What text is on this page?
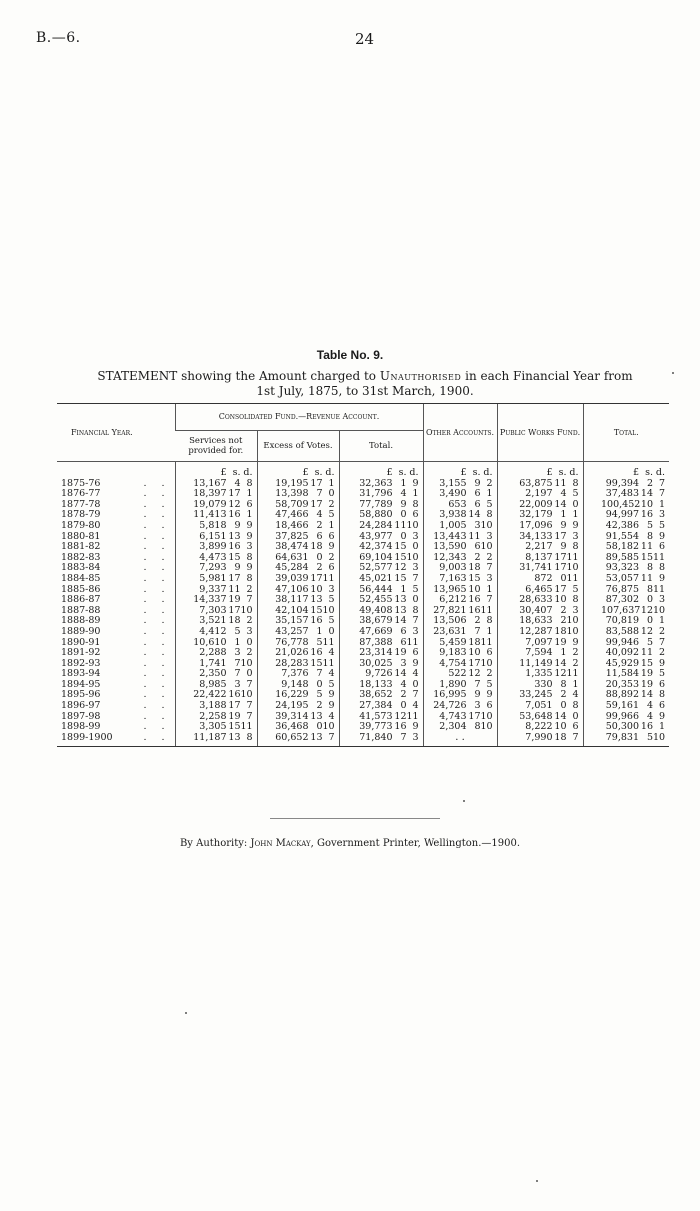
B.—6.	24
Table No. 9.
STATEMENT showing the Amount charged to Unauthorised in each Financial Year from
1st July, 1875, to 31st March, 1900.
Financial Year.	Consolidated Fund.—Revenue Account.			Other Accounts.	Public Works Fund.	Total.
	Services not provided for.	Excess of Votes.	Total.			
	£ s. d.	£ s. d.	£ s. d.	£ s. d.	£ s. d.	£ s. d.
1875-76 . .	13,167 4 8	19,195 17 1	32,363 1 9	3,155 9 2	63,875 11 8	99,394 2 7
1876-77 . .	18,397 17 1	13,398 7 0	31,796 4 1	3,490 6 1	2,197 4 5	37,483 14 7
1877-78 . .	19,079 12 6	58,709 17 2	77,789 9 8	653 6 5	22,009 14 0	100,45210 1
1878-79 . .	11,413 16 1	47,466 4 5	58,880 0 6	3,938 14 8	32,179 1 1	94,997 16 3
1879-80 . .	5,818 9 9	18,466 2 1	24,284 1110	1,005 310	17,096 9 9	42,386 5 5
1880-81 . .	6,151 13 9	37,825 6 6	43,977 0 3	13,443 11 3	34,133 17 3	91,554 8 9
1881-82 . .	3,899 16 3	38,474 18 9	42,374 15 0	13,590 610	2,217 9 8	58,182 11 6
1882-83 . .	4,473 15 8	64,631 0 2	69,104 1510	12,343 2 2	8,137 1711	89,585 1511
1883-84 . .	7,293 9 9	45,284 2 6	52,577 12 3	9,003 18 7	31,741 1710	93,323 8 8
1884-85 . .	5,981 17 8	39,039 1711	45,021 15 7	7,163 15 3	872 011	53,057 11 9
1885-86 . .	9,337 11 2	47,106 10 3	56,444 1 5	13,965 10 1	6,465 17 5	76,875 811
1886-87 . .	14,337 19 7	38,117 13 5	52,455 13 0	6,212 16 7	28,633 10 8	87,302 0 3
1887-88 . .	7,303 1710	42,104 1510	49,408 13 8	27,821 1611	30,407 2 3	107,6371210
1888-89 . .	3,521 18 2	35,157 16 5	38,679 14 7	13,506 2 8	18,633 210	70,819 0 1
1889-90 . .	4,412 5 3	43,257 1 0	47,669 6 3	23,631 7 1	12,287 1810	83,588 12 2
1890-91 . .	10,610 1 0	76,778 511	87,388 611	5,459 1811	7,097 19 9	99,946 5 7
1891-92 . .	2,288 3 2	21,026 16 4	23,314 19 6	9,183 10 6	7,594 1 2	40,092 11 2
1892-93 . .	1,741 710	28,283 1511	30,025 3 9	4,754 1710	11,149 14 2	45,929 15 9
1893-94 . .	2,350 7 0	7,376 7 4	9,726 14 4	522 12 2	1,335 1211	11,584 19 5
1894-95 . .	8,985 3 7	9,148 0 5	18,133 4 0	1,890 7 5	330 8 1	20,353 19 6
1895-96 . .	22,422 1610	16,229 5 9	38,652 2 7	16,995 9 9	33,245 2 4	88,892 14 8
1896-97 . .	3,188 17 7	24,195 2 9	27,384 0 4	24,726 3 6	7,051 0 8	59,161 4 6
1897-98 . .	2,258 19 7	39,314 13 4	41,573 1211	4,743 1710	53,648 14 0	99,966 4 9
1898-99 . .	3,305 1511	36,468 010	39,773 16 9	2,304 810	8,222 10 6	50,300 16 1
1899-1900 . .	11,187 13 8	60,652 13 7	71,840 7 3	. .	7,990 18 7	79,831 510
By Authority: John Mackay, Government Printer, Wellington.—1900.
